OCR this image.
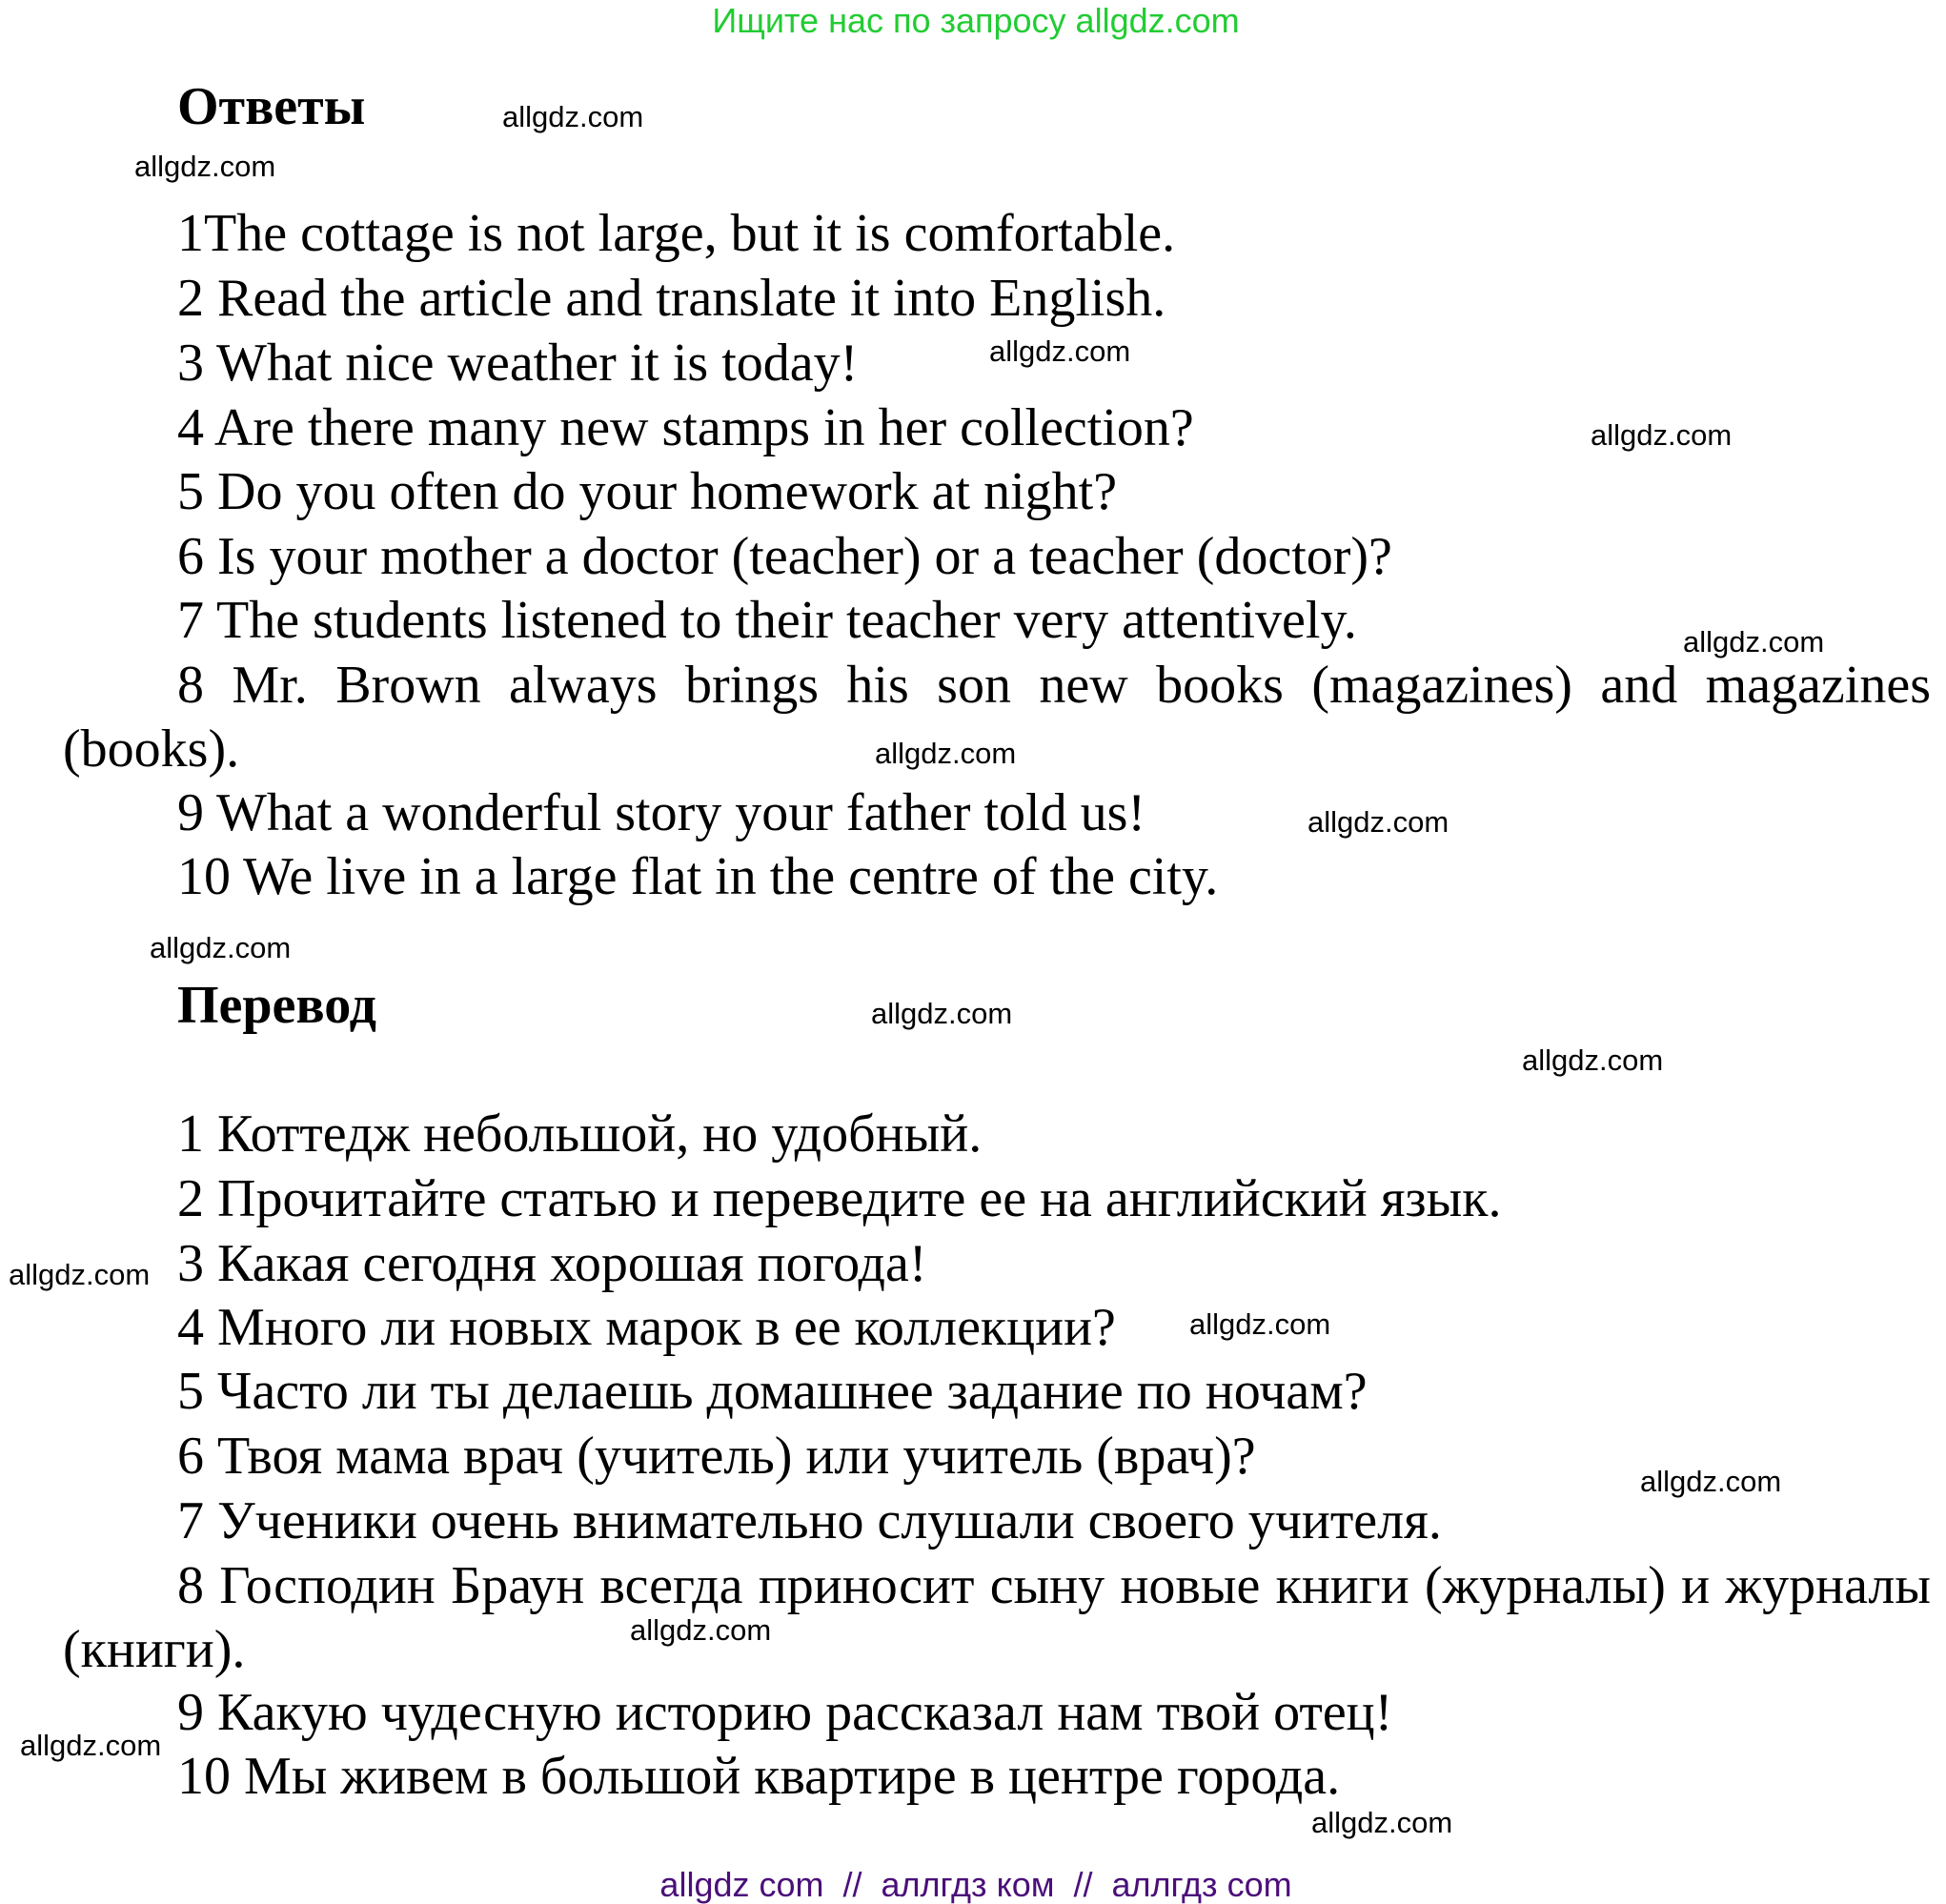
Ищите нас по запросу allgdz.com
Ответы
1The cottage is not large, but it is comfortable.
2 Read the article and translate it into English.
3 What nice weather it is today!
4 Are there many new stamps in her collection?
5 Do you often do your homework at night?
6 Is your mother a doctor (teacher) or a teacher (doctor)?
7 The students listened to their teacher very attentively.
8 Mr. Brown always brings his son new books (magazines) and magazines (books).
9 What a wonderful story your father told us!
10 We live in a large flat in the centre of the city.
Перевод
1 Коттедж небольшой, но удобный.
2 Прочитайте статью и переведите ее на английский язык.
3 Какая сегодня хорошая погода!
4 Много ли новых марок в ее коллекции?
5 Часто ли ты делаешь домашнее задание по ночам?
6 Твоя мама врач (учитель) или учитель (врач)?
7 Ученики очень внимательно слушали своего учителя.
8 Господин Браун всегда приносит сыну новые книги (журналы) и журналы (книги).
9 Какую чудесную историю рассказал нам твой отец!
10 Мы живем в большой квартире в центре города.
allgdz.com
allgdz.com
allgdz.com
allgdz.com
allgdz.com
allgdz.com
allgdz.com
allgdz.com
allgdz.com
allgdz.com
allgdz.com
allgdz.com
allgdz.com
allgdz.com
allgdz.com
allgdz.com
allgdz com  //  аллгдз ком  //  аллгдз com
